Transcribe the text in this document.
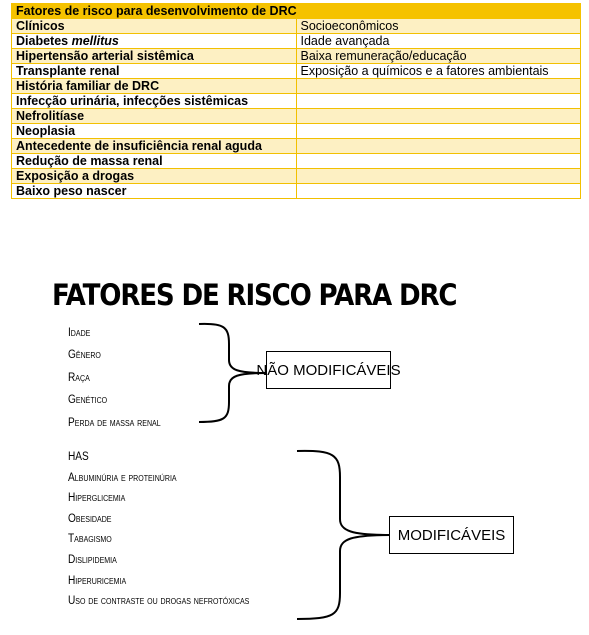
Fatores de risco para desenvolvimento de DRC	
Clínicos	Socioeconômicos
Diabetes mellitus	Idade avançada
Hipertensão arterial sistêmica	Baixa remuneração/educação
Transplante renal	Exposição a químicos e a fatores ambientais
História familiar de DRC	
Infecção urinária, infecções sistêmicas	
Nefrolitíase	
Neoplasia	
Antecedente de insuficiência renal aguda	
Redução de massa renal	
Exposição a drogas	
Baixo peso nascer	
FATORES DE RISCO PARA DRC
Idade
Gênero
Raça
Genético
Perda de massa renal
NÃO MODIFICÁVEIS
HAS
Albuminúria e proteinúria
Hiperglicemia
Obesidade
Tabagismo
Dislipidemia
Hiperuricemia
Uso de contraste ou drogas nefrotóxicas
MODIFICÁVEIS
